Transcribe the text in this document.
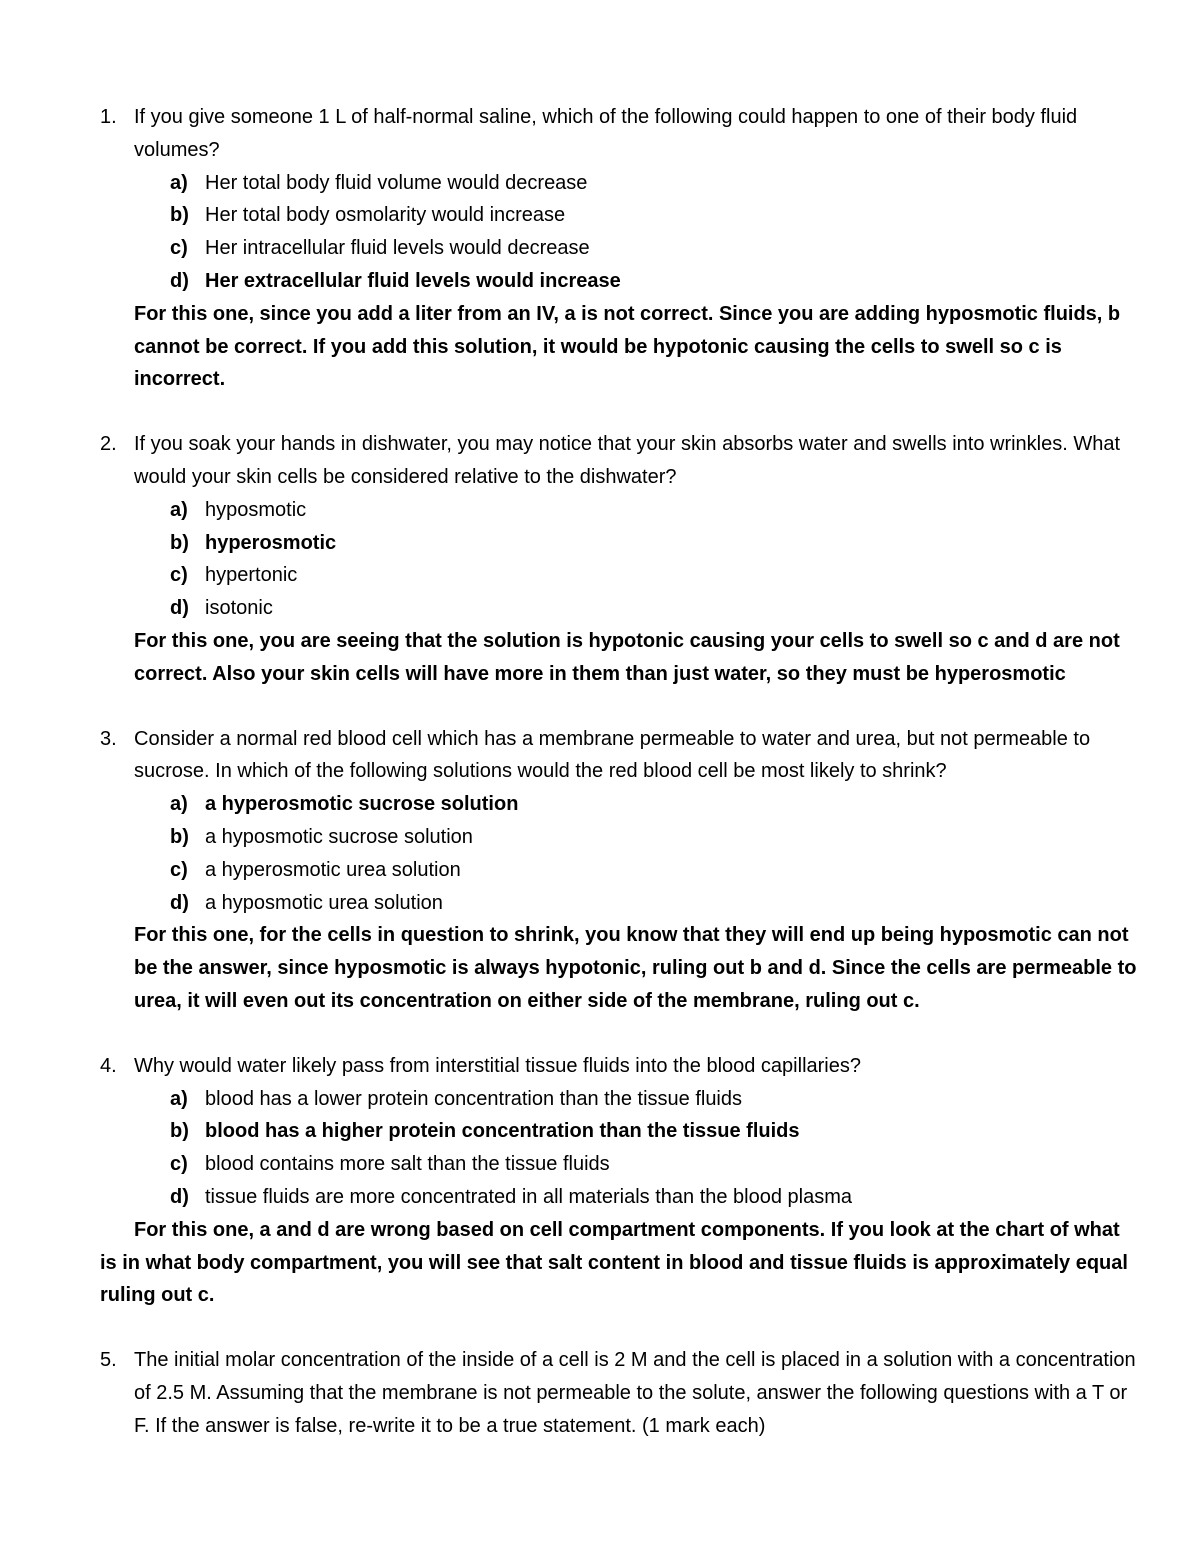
1. If you give someone 1 L of half-normal saline, which of the following could happen to one of their body fluid volumes?
a) Her total body fluid volume would decrease
b) Her total body osmolarity would increase
c) Her intracellular fluid levels would decrease
d) Her extracellular fluid levels would increase
For this one, since you add a liter from an IV, a is not correct. Since you are adding hyposmotic fluids, b cannot be correct. If you add this solution, it would be hypotonic causing the cells to swell so c is incorrect.
2. If you soak your hands in dishwater, you may notice that your skin absorbs water and swells into wrinkles. What would your skin cells be considered relative to the dishwater?
a) hyposmotic
b) hyperosmotic
c) hypertonic
d) isotonic
For this one, you are seeing that the solution is hypotonic causing your cells to swell so c and d are not correct. Also your skin cells will have more in them than just water, so they must be hyperosmotic
3. Consider a normal red blood cell which has a membrane permeable to water and urea, but not permeable to sucrose. In which of the following solutions would the red blood cell be most likely to shrink?
a) a hyperosmotic sucrose solution
b) a hyposmotic sucrose solution
c) a hyperosmotic urea solution
d) a hyposmotic urea solution
For this one, for the cells in question to shrink, you know that they will end up being hyposmotic can not be the answer, since hyposmotic is always hypotonic, ruling out b and d. Since the cells are permeable to urea, it will even out its concentration on either side of the membrane, ruling out c.
4. Why would water likely pass from interstitial tissue fluids into the blood capillaries?
a) blood has a lower protein concentration than the tissue fluids
b) blood has a higher protein concentration than the tissue fluids
c) blood contains more salt than the tissue fluids
d) tissue fluids are more concentrated in all materials than the blood plasma
For this one, a and d are wrong based on cell compartment components. If you look at the chart of what is in what body compartment, you will see that salt content in blood and tissue fluids is approximately equal ruling out c.
5. The initial molar concentration of the inside of a cell is 2 M and the cell is placed in a solution with a concentration of 2.5 M. Assuming that the membrane is not permeable to the solute, answer the following questions with a T or F. If the answer is false, re-write it to be a true statement. (1 mark each)
